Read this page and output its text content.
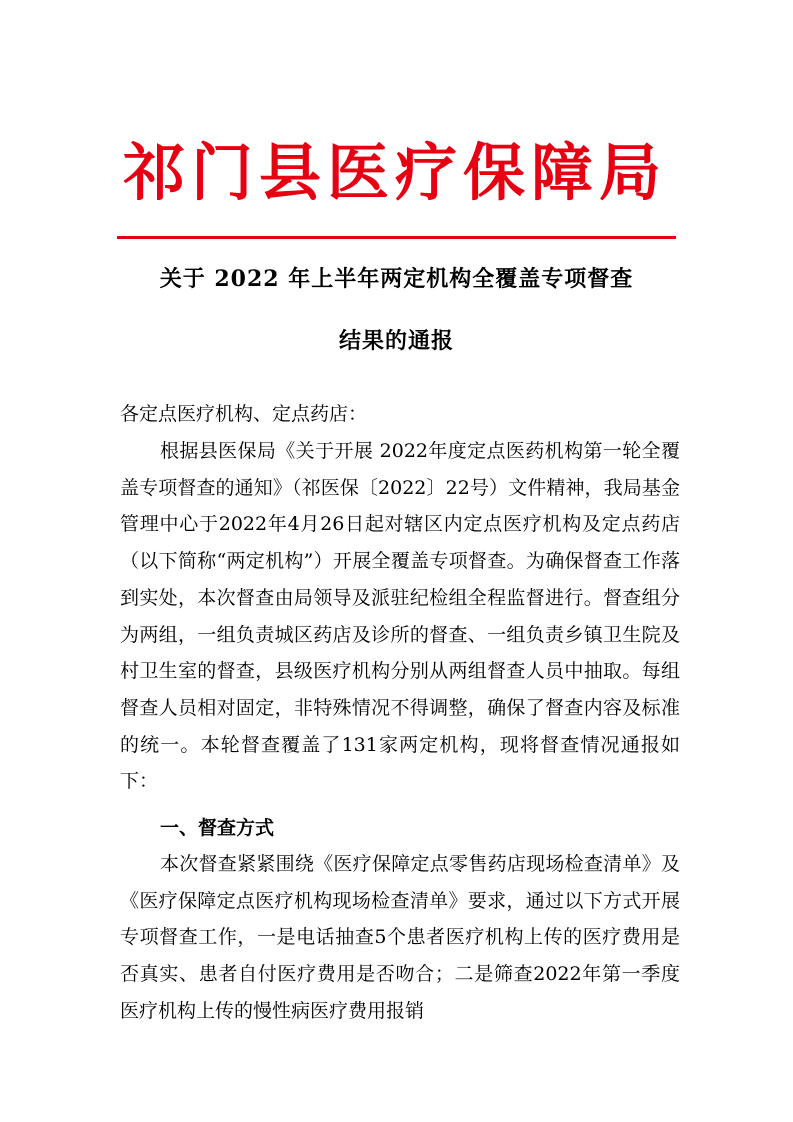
祁门县医疗保障局
关于 2022 年上半年两定机构全覆盖专项督查
结果的通报
各定点医疗机构、定点药店：
根据县医保局《关于开展 2022年度定点医药机构第一轮全覆盖专项督查的通知》（祁医保〔2022〕22号）文件精神，我局基金管理中心于2022年4月26日起对辖区内定点医疗机构及定点药店（以下简称“两定机构”）开展全覆盖专项督查。为确保督查工作落到实处，本次督查由局领导及派驻纪检组全程监督进行。督查组分为两组，一组负责城区药店及诊所的督查、一组负责乡镇卫生院及村卫生室的督查，县级医疗机构分别从两组督查人员中抽取。每组督查人员相对固定，非特殊情况不得调整，确保了督查内容及标准的统一。本轮督查覆盖了131家两定机构，现将督查情况通报如下：
一、督查方式
本次督查紧紧围绕《医疗保障定点零售药店现场检查清单》及《医疗保障定点医疗机构现场检查清单》要求，通过以下方式开展专项督查工作，一是电话抽查5个患者医疗机构上传的医疗费用是否真实、患者自付医疗费用是否吻合；二是筛查2022年第一季度医疗机构上传的慢性病医疗费用报销
